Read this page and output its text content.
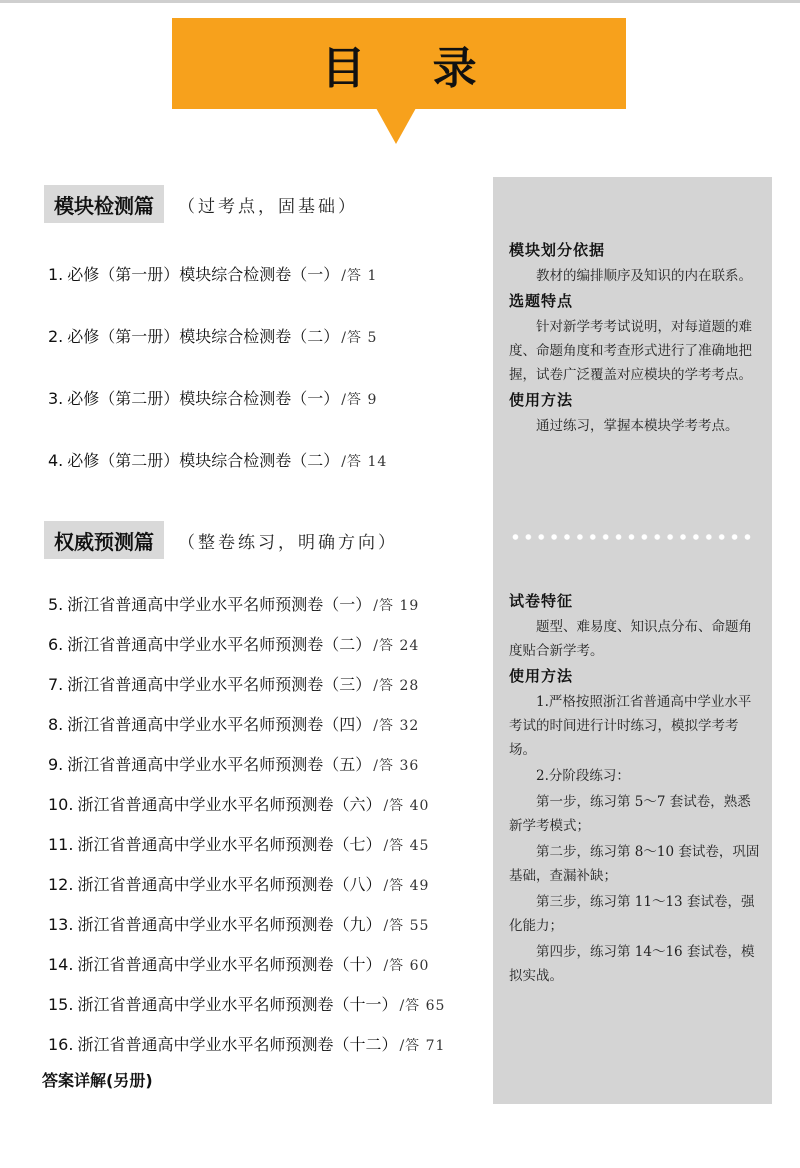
目 录
模块检测篇	（过考点，固基础）
1. 必修（第一册）模块综合检测卷（一） /答 1
2. 必修（第一册）模块综合检测卷（二） /答 5
3. 必修（第二册）模块综合检测卷（一） /答 9
4. 必修（第二册）模块综合检测卷（二） /答 14
权威预测篇	（整卷练习，明确方向）
5. 浙江省普通高中学业水平名师预测卷（一） /答 19
6. 浙江省普通高中学业水平名师预测卷（二） /答 24
7. 浙江省普通高中学业水平名师预测卷（三） /答 28
8. 浙江省普通高中学业水平名师预测卷（四） /答 32
9. 浙江省普通高中学业水平名师预测卷（五） /答 36
10. 浙江省普通高中学业水平名师预测卷（六） /答 40
11. 浙江省普通高中学业水平名师预测卷（七） /答 45
12. 浙江省普通高中学业水平名师预测卷（八） /答 49
13. 浙江省普通高中学业水平名师预测卷（九） /答 55
14. 浙江省普通高中学业水平名师预测卷（十） /答 60
15. 浙江省普通高中学业水平名师预测卷（十一） /答 65
16. 浙江省普通高中学业水平名师预测卷（十二） /答 71
答案详解(另册)
模块划分依据

教材的编排顺序及知识的内在联系。

选题特点

针对新学考考试说明，对每道题的难度、命题角度和考查形式进行了准确地把握，试卷广泛覆盖对应模块的学考考点。

使用方法

通过练习，掌握本模块学考考点。

试卷特征

题型、难易度、知识点分布、命题角度贴合新学考。

使用方法

1.严格按照浙江省普通高中学业水平考试的时间进行计时练习，模拟学考考场。

2.分阶段练习：

第一步，练习第 5～7 套试卷，熟悉新学考模式；

第二步，练习第 8～10 套试卷，巩固基础，查漏补缺；

第三步，练习第 11～13 套试卷，强化能力；

第四步，练习第 14～16 套试卷，模拟实战。
